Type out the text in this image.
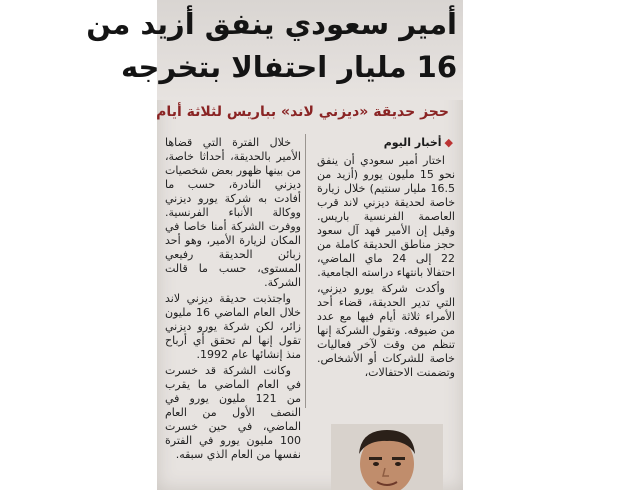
أمير سعودي ينفق أزيد من
16 مليار احتفالا بتخرجه
حجز حديقة «ديزني لاند» بباريس لثلاثة أيام
◆أخبار اليوم

اختار أمير سعودي أن ينفق نحو 15 مليون يورو (أزيد من 16.5 مليار سنتيم) خلال زيارة خاصة لحديقة ديزني لاند قرب العاصمة الفرنسية باريس. وقيل إن الأمير فهد آل سعود حجز مناطق الحديقة كاملة من 22 إلى 24 ماي الماضي، احتفالا بانتهاء دراسته الجامعية.

وأكدت شركة يورو ديزني، التي تدير الحديقة، قضاء أحد الأمراء ثلاثة أيام فيها مع عدد من ضيوفه. وتقول الشركة إنها تنظم من وقت لآخر فعاليات خاصة للشركات أو الأشخاص. وتضمنت الاحتفالات،

خلال الفترة التي قضاها الأمير بالحديقة، أحداثا خاصة، من بينها ظهور بعض شخصيات ديزني النادرة، حسب ما أفادت به شركة يورو ديزني ووكالة الأنباء الفرنسية. ووفرت الشركة أمنا خاصا في المكان لزيارة الأمير، وهو أحد زبائن الحديقة رفيعي المستوى، حسب ما قالت الشركة.

واجتذبت حديقة ديزني لاند خلال العام الماضي 16 مليون زائر، لكن شركة يورو ديزني تقول إنها لم تحقق أي أرباح منذ إنشائها عام 1992.

وكانت الشركة قد خسرت في العام الماضي ما يقرب من 121 مليون يورو في النصف الأول من العام الماضي، في حين خسرت 100 مليون يورو في الفترة نفسها من العام الذي سبقه.
